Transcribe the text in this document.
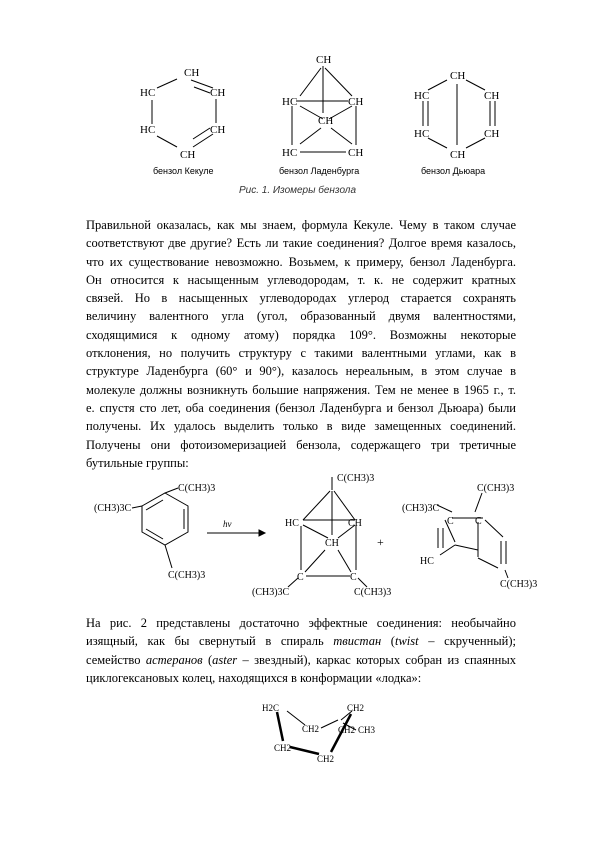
CH
CH
CH
CH
HC
HC
бензол Кекуле
CH
HC	CH
CH
HC	CH
бензол Ладенбурга
CH
HC	CH
HC	CH
CH
бензол Дьюара
Рис. 1. Изомеры бензола
Правильной оказалась, как мы знаем, формула Кекуле. Чему в таком случае
соответствуют две другие? Есть ли такие соединения? Долгое время казалось,
что их существование невозможно. Возьмем, к примеру, бензол Ладенбурга.
Он относится к насыщенным углеводородам, т. к. не содержит кратных
связей. Но в насыщенных углеводородах углерод старается сохранять
величину валентного угла (угол, образованный двумя валентностями,
сходящимися к одному атому) порядка 109°. Возможны некоторые
отклонения, но получить структуру с такими валентными углами, как в
структуре Ладенбурга (60° и 90°), казалось нереальным, в этом случае в
молекуле должны возникнуть большие напряжения. Тем не менее в 1965 г., т.
е. спустя сто лет, оба соединения (бензол Ладенбурга и бензол Дьюара) были
получены. Их удалось выделить только в виде замещенных соединений.
Получены они фотоизомеризацией бензола, содержащего три третичные
бутильные группы:
(CH3)3C
C(CH3)3
C(CH3)3
hν
C(CH3)3
HC	CH
CH
(CH3)3C
C	C
C(CH3)3
+
(CH3)3C
C(CH3)3
C C
HC
C(CH3)3
На рис. 2 представлены достаточно эффектные соединения: необычайно
изящный, как бы свернутый в спираль твистан (twist – скрученный);
семейство астеранов (aster – звездный), каркас которых собран из спаянных
циклогексановых колец, находящихся в конформации «лодка»:
H2C
CH2
CH2
CH2
CH2
CH2 CH3
